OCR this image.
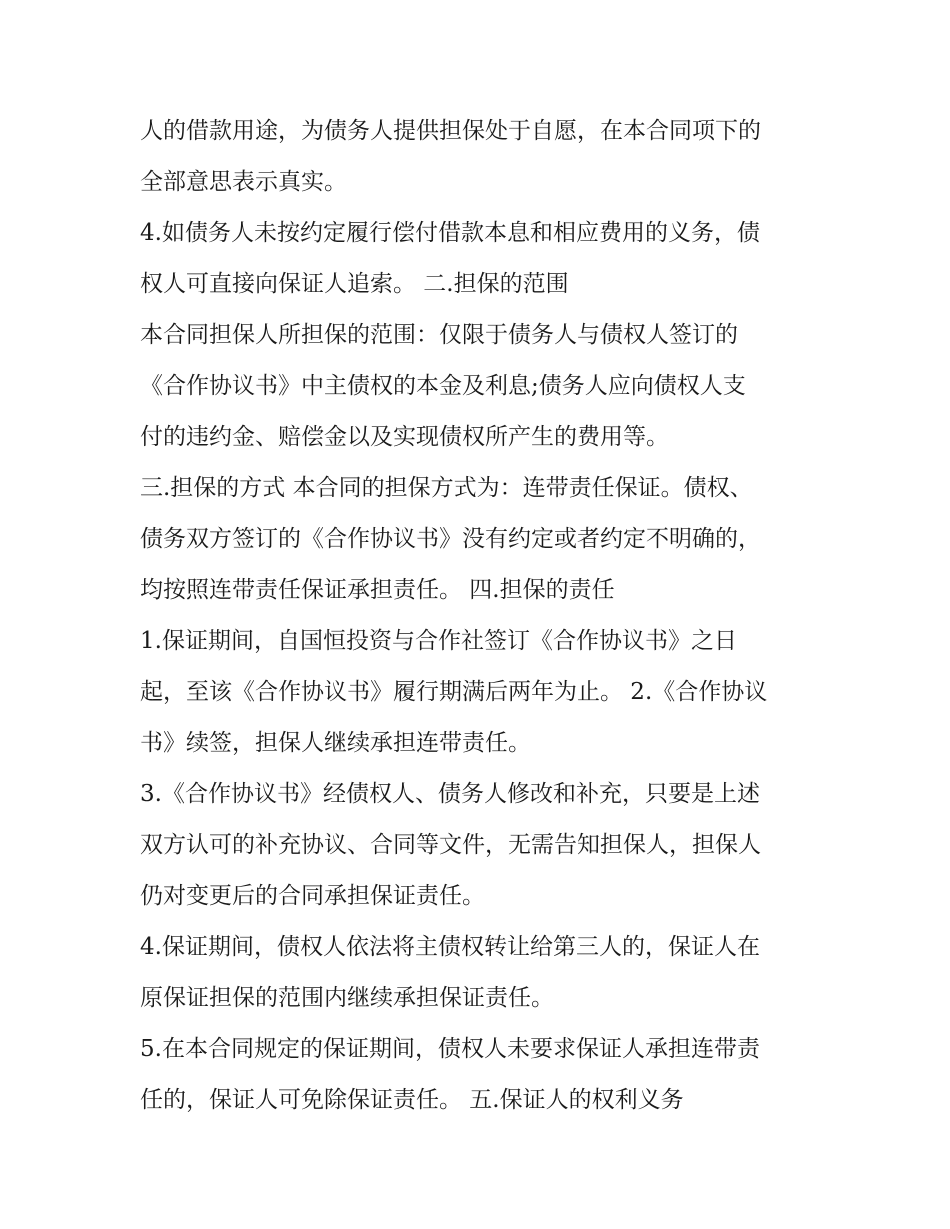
人的借款用途，为债务人提供担保处于自愿，在本合同项下的
全部意思表示真实。
4.如债务人未按约定履行偿付借款本息和相应费用的义务，债
权人可直接向保证人追索。 二.担保的范围
本合同担保人所担保的范围：仅限于债务人与债权人签订的
《合作协议书》中主债权的本金及利息;债务人应向债权人支
付的违约金、赔偿金以及实现债权所产生的费用等。
三.担保的方式 本合同的担保方式为：连带责任保证。债权、
债务双方签订的《合作协议书》没有约定或者约定不明确的，
均按照连带责任保证承担责任。 四.担保的责任
1.保证期间，自国恒投资与合作社签订《合作协议书》之日
起，至该《合作协议书》履行期满后两年为止。 2.《合作协议
书》续签，担保人继续承担连带责任。
3.《合作协议书》经债权人、债务人修改和补充，只要是上述
双方认可的补充协议、合同等文件，无需告知担保人，担保人
仍对变更后的合同承担保证责任。
4.保证期间，债权人依法将主债权转让给第三人的，保证人在
原保证担保的范围内继续承担保证责任。
5.在本合同规定的保证期间，债权人未要求保证人承担连带责
任的，保证人可免除保证责任。 五.保证人的权利义务
